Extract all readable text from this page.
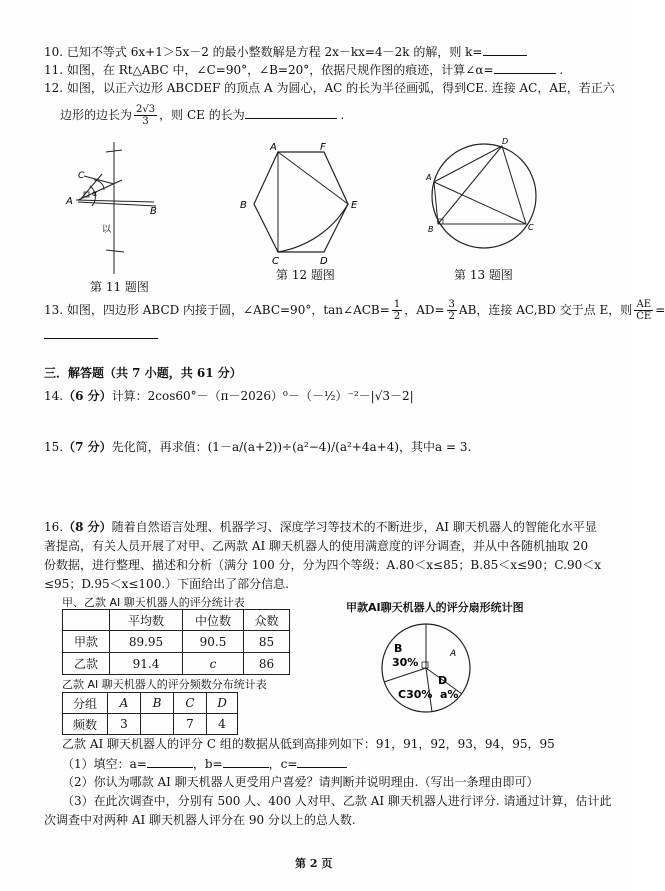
10. 已知不等式 6x+1＞5x－2 的最小整数解是方程 2x－kx=4－2k 的解，则 k=
11. 如图，在 Rt△ABC 中，∠C=90°，∠B=20°，依据尺规作图的痕迹，计算∠α=	.
12. 如图，以正六边形 ABCDEF 的顶点 A 为圆心，AC 的长为半径画弧，得到CE. 连接 AC，AE，若正六
边形的边长为 $\frac{2√3}{3}$ ，则 CE 的长为	.
A
B
C
α
以
第 11 题图
A	F
B	E
C	D
第 12 题图
A
D
B	C
第 13 题图
13. 如图，四边形 ABCD 内接于圆，∠ABC=90°，tan∠ACB= $\frac{1}{2}$ ，$AD= \frac{3}{2}$ AB，连接 AC,BD 交于点 E，则 $\frac{AE}{CE}$ =
三．解答题（共 7 小题，共 61 分）
14.（6 分）计算：2cos60°－（π－2026）⁰－（－½）⁻²－|√3－2|
15.（7 分）先化简，再求值：(1－a/(a+2))÷(a²−4)/(a²+4a+4)，其中a = 3.
16.（8 分）随着自然语言处理、机器学习、深度学习等技术的不断进步，AI 聊天机器人的智能化水平显
著提高，有关人员开展了对甲、乙两款 AI 聊天机器人的使用满意度的评分调查，并从中各随机抽取 20
份数据，进行整理、描述和分析（满分 100 分，分为四个等级：A.80＜x≤85；B.85＜x≤90；C.90＜x
≤95；D.95＜x≤100.）下面给出了部分信息.
甲、乙款 AI 聊天机器人的评分统计表
	平均数	中位数	众数
甲款	89.95	90.5	85
乙款	91.4	c	86
乙款 AI 聊天机器人的评分频数分布统计表
分组	A	B	C	D
频数	3		7	4
甲款AI聊天机器人的评分扇形统计图
B
30%
C30%
D
a%
A
乙款 AI 聊天机器人的评分 C 组的数据从低到高排列如下：91，91，92，93，94，95，95
（1）填空：a=	，b=	，c=
（2）你认为哪款 AI 聊天机器人更受用户喜爱？请判断并说明理由.（写出一条理由即可）
（3）在此次调查中，分别有 500 人、400 人对甲、乙款 AI 聊天机器人进行评分. 请通过计算，估计此
次调查中对两种 AI 聊天机器人评分在 90 分以上的总人数.
第 2 页
